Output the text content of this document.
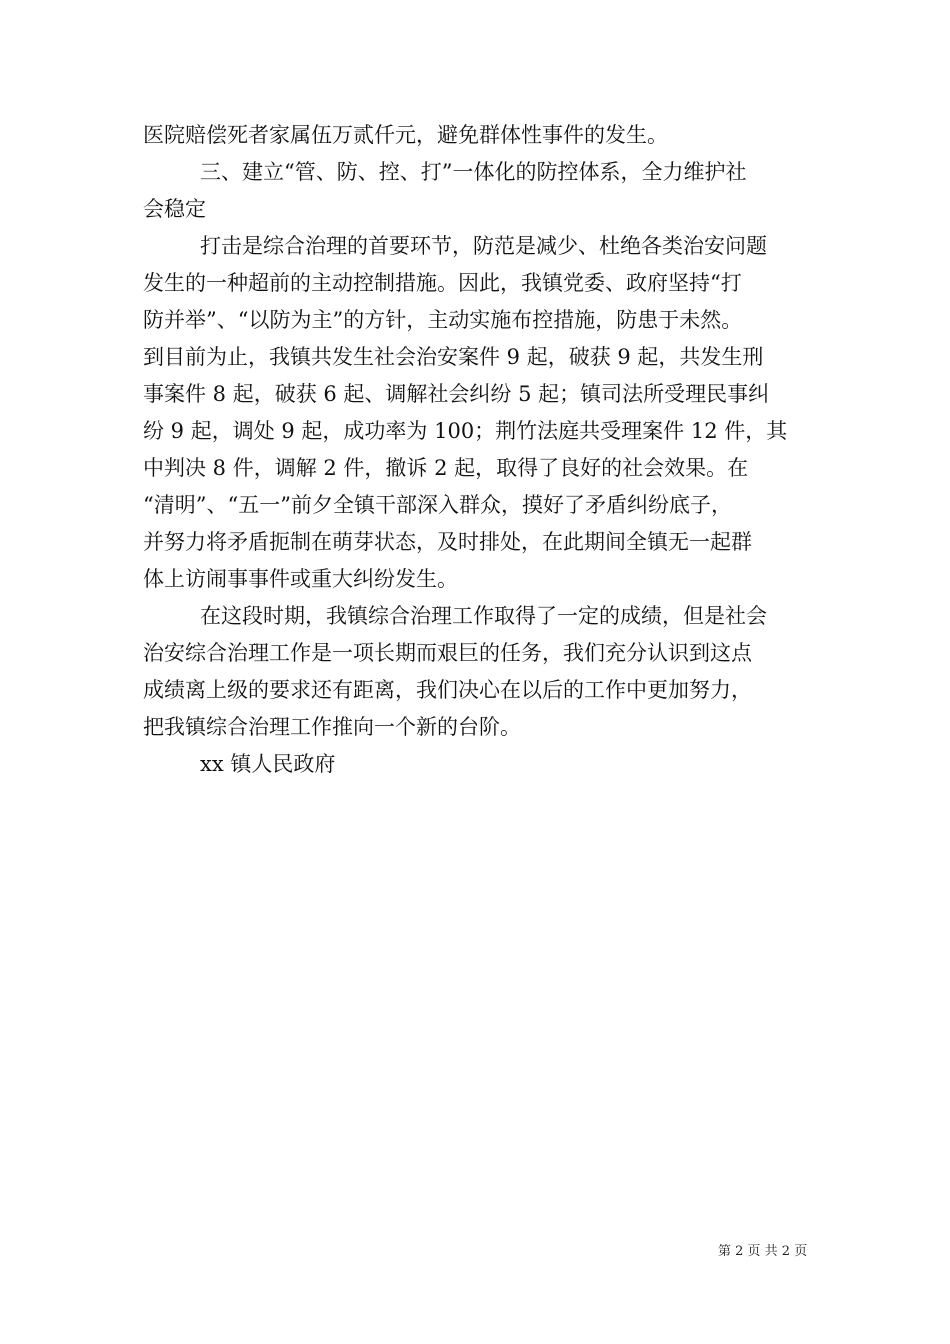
医院赔偿死者家属伍万贰仟元，避免群体性事件的发生。

三、建立“管、防、控、打”一体化的防控体系，全力维护社

会稳定

打击是综合治理的首要环节，防范是减少、杜绝各类治安问题

发生的一种超前的主动控制措施。因此，我镇党委、政府坚持“打

防并举”、“以防为主”的方针，主动实施布控措施，防患于未然。

到目前为止，我镇共发生社会治安案件 9 起，破获 9 起，共发生刑

事案件 8 起，破获 6 起、调解社会纠纷 5 起；镇司法所受理民事纠

纷 9 起，调处 9 起，成功率为 100；荆竹法庭共受理案件 12 件，其

中判决 8 件，调解 2 件，撤诉 2 起，取得了良好的社会效果。在

“清明”、“五一”前夕全镇干部深入群众，摸好了矛盾纠纷底子，

并努力将矛盾扼制在萌芽状态，及时排处，在此期间全镇无一起群

体上访闹事事件或重大纠纷发生。

在这段时期，我镇综合治理工作取得了一定的成绩，但是社会

治安综合治理工作是一项长期而艰巨的任务，我们充分认识到这点

成绩离上级的要求还有距离，我们决心在以后的工作中更加努力，

把我镇综合治理工作推向一个新的台阶。

xx 镇人民政府

第 2 页 共 2 页
